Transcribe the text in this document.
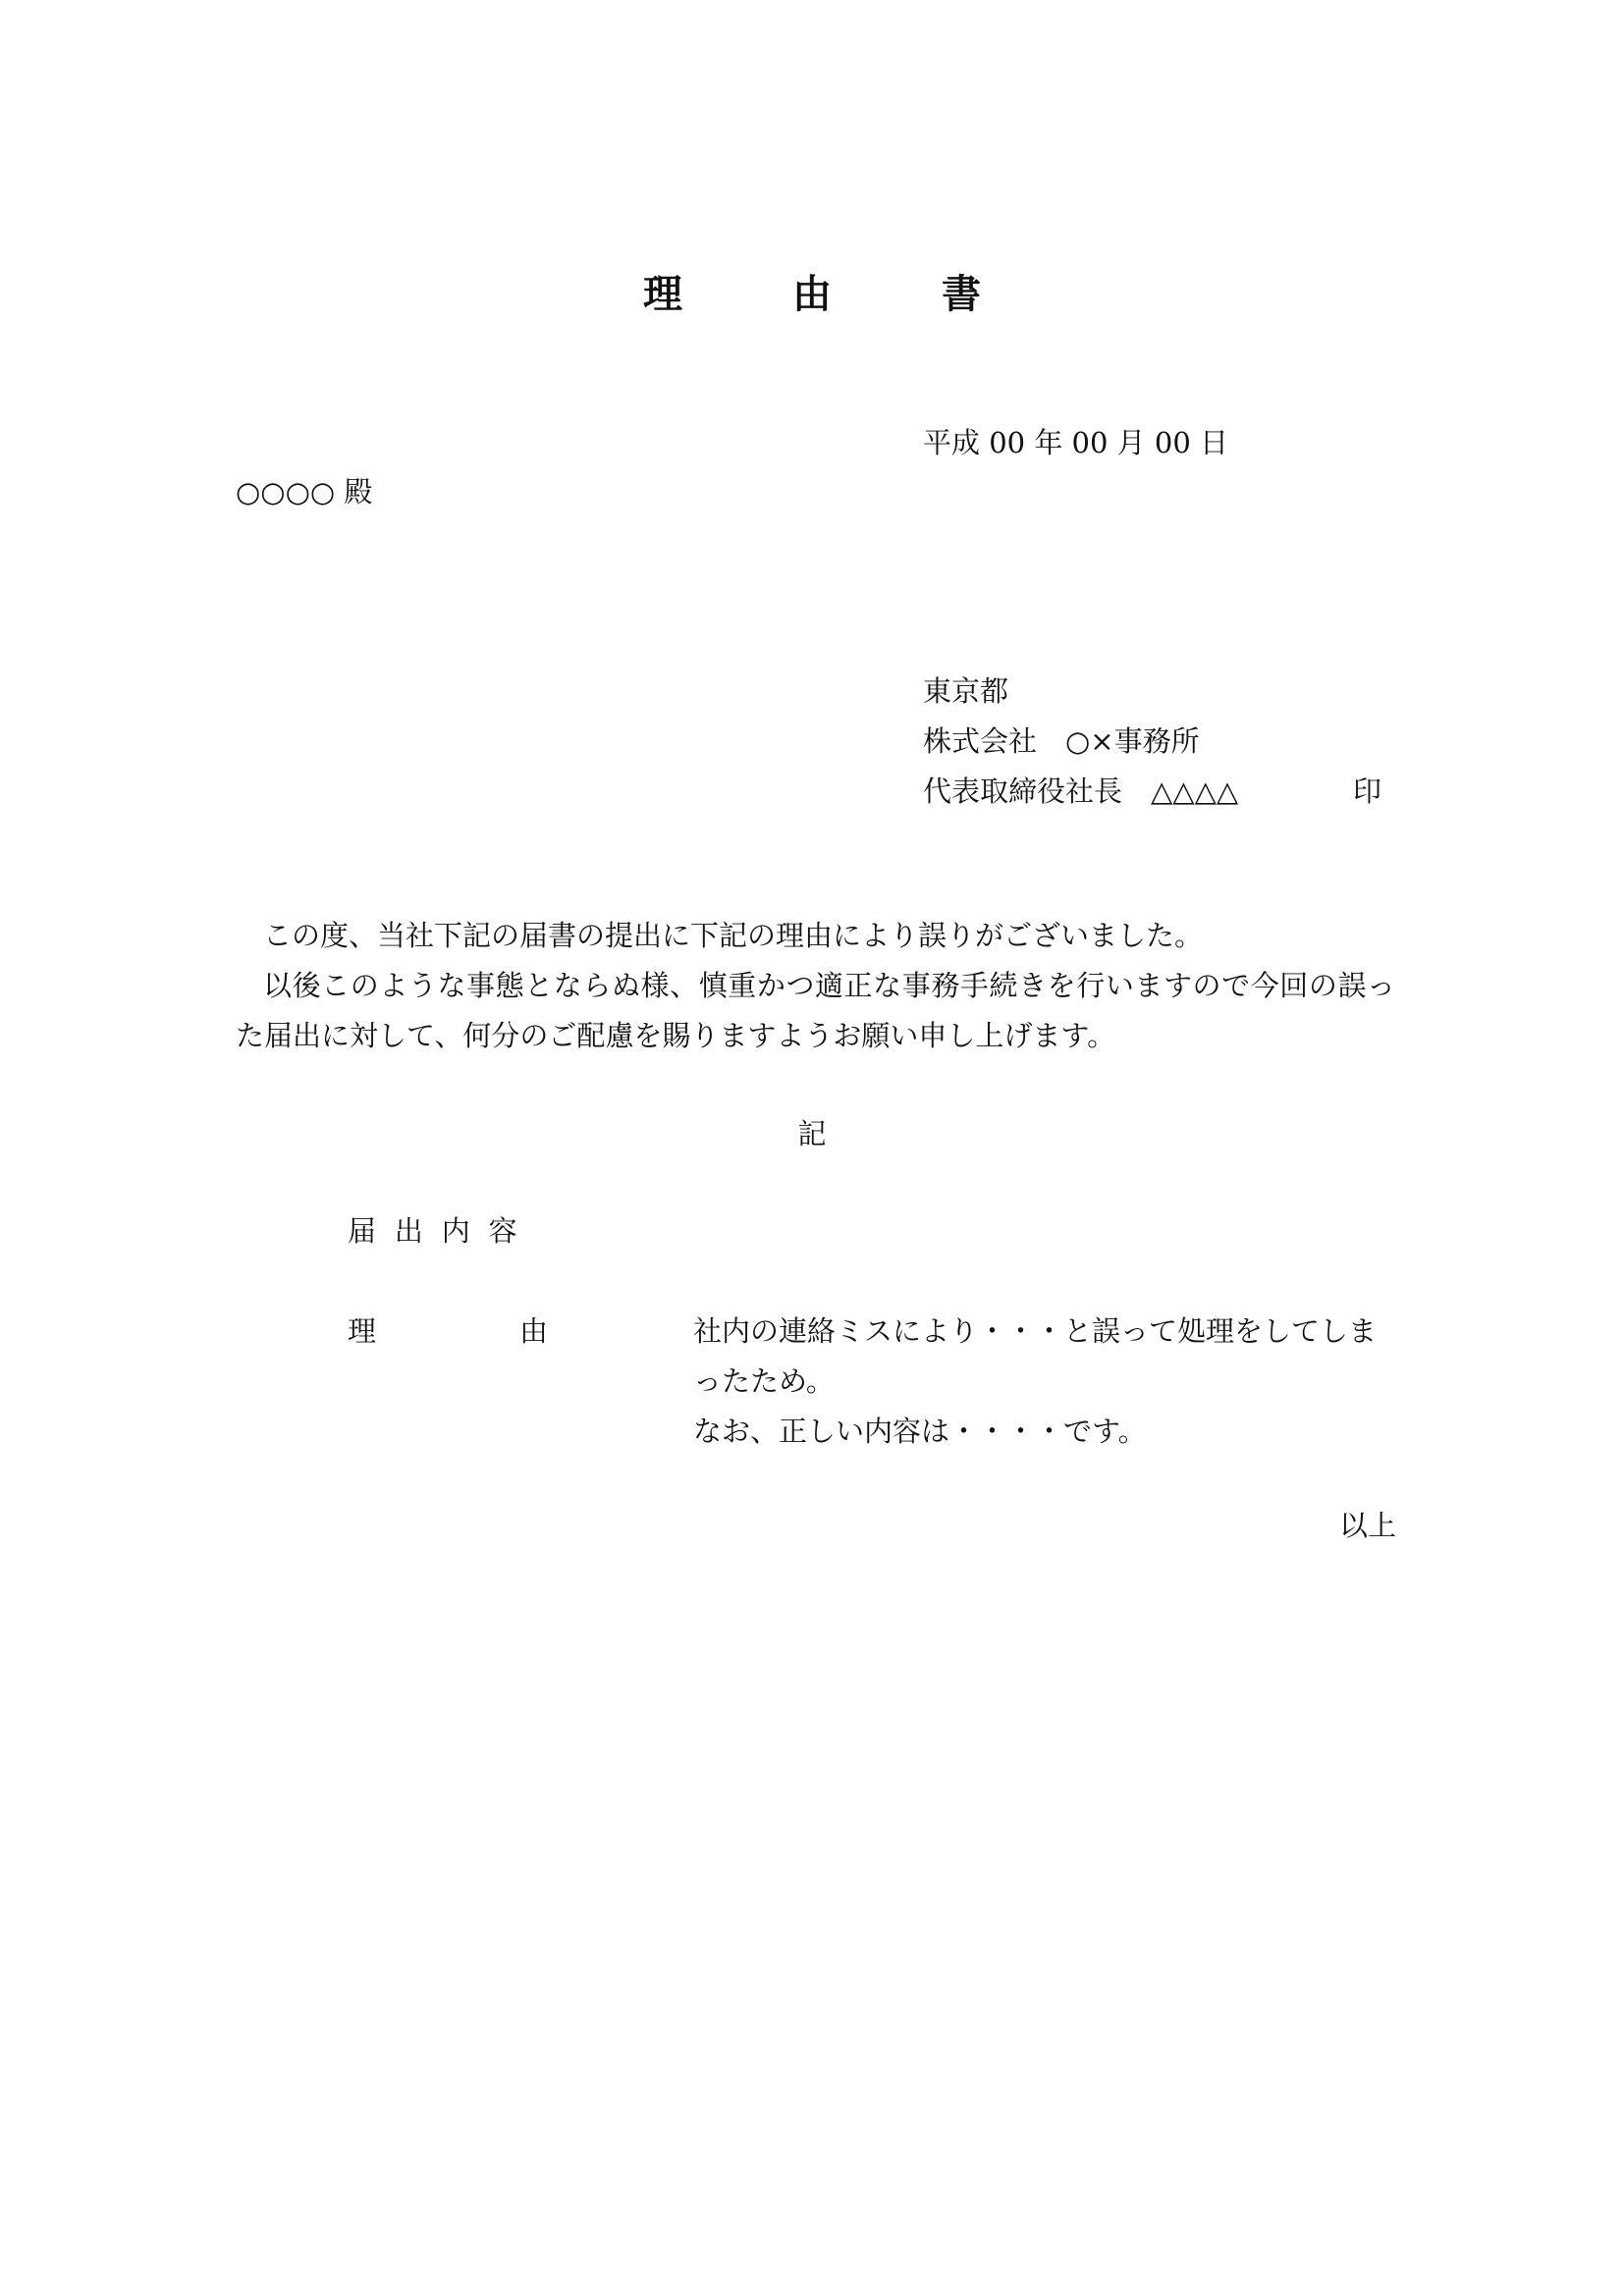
理　由　書
平成 00 年 00 月 00 日
○○○○ 殿
東京都
株式会社　○×事務所
代表取締役社長　△△△△	印
この度、当社下記の届書の提出に下記の理由により誤りがございました。
以後このような事態とならぬ様、慎重かつ適正な事務手続きを行いますので今回の誤っ
た届出に対して、何分のご配慮を賜りますようお願い申し上げます。
記
届出内容
理	由	社内の連絡ミスにより・・・と誤って処理をしてしま
ったため。
なお、正しい内容は・・・・です。
以上
